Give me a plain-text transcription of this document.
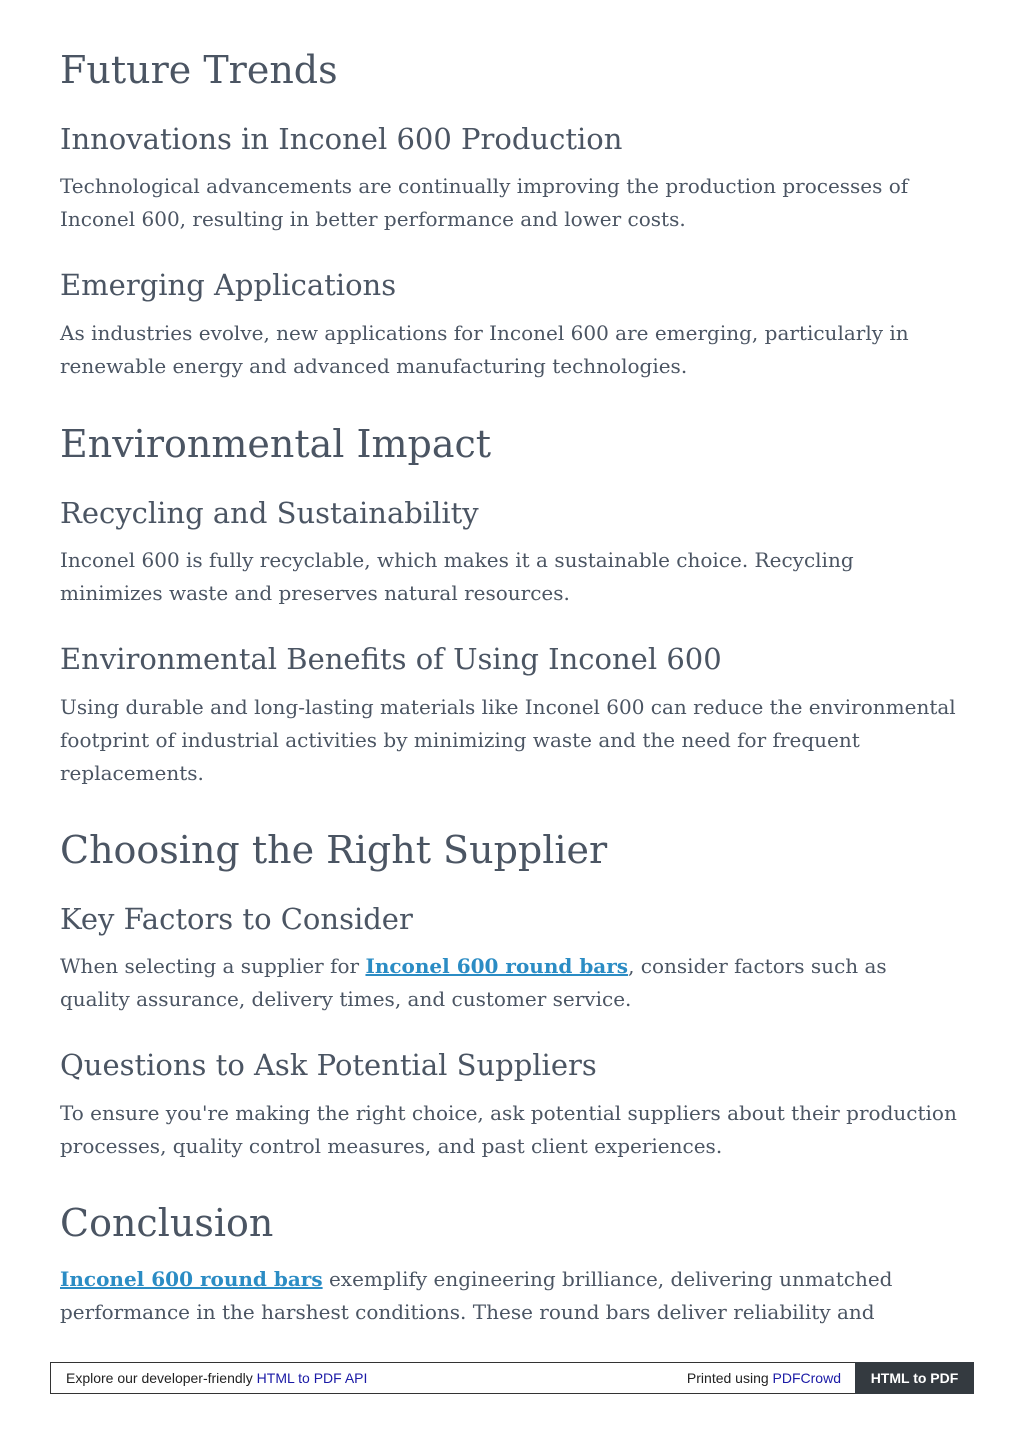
Future Trends
Innovations in Inconel 600 Production

Technological advancements are continually improving the production processes of Inconel 600, resulting in better performance and lower costs.

Emerging Applications

As industries evolve, new applications for Inconel 600 are emerging, particularly in renewable energy and advanced manufacturing technologies.

Environmental Impact
Recycling and Sustainability

Inconel 600 is fully recyclable, which makes it a sustainable choice. Recycling minimizes waste and preserves natural resources.

Environmental Benefits of Using Inconel 600

Using durable and long-lasting materials like Inconel 600 can reduce the environmental footprint of industrial activities by minimizing waste and the need for frequent replacements.

Choosing the Right Supplier
Key Factors to Consider

When selecting a supplier for Inconel 600 round bars, consider factors such as quality assurance, delivery times, and customer service.

Questions to Ask Potential Suppliers

To ensure you're making the right choice, ask potential suppliers about their production processes, quality control measures, and past client experiences.

Conclusion

Inconel 600 round bars exemplify engineering brilliance, delivering unmatched performance in the harshest conditions. These round bars deliver reliability and

Explore our developer-friendly HTML to PDF API	Printed using PDFCrowd	HTML to PDF
